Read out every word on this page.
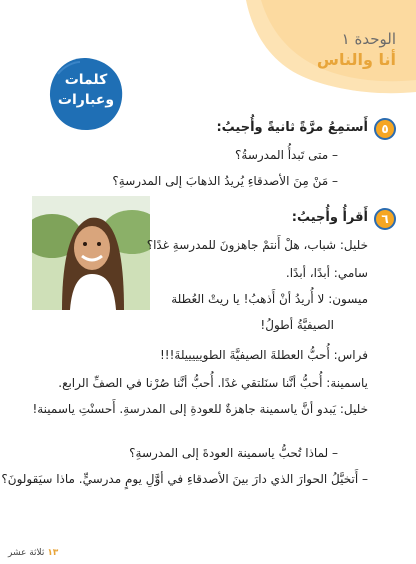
الوحدة ١
أنا والناس
كلمات
وعبارات
٥
أَستمِعُ مرَّةً ثانيةً وأُجيبُ:
– متى تَبدأُ المدرسةُ؟
– مَنْ مِنَ الأصدقاءِ يُريدُ الذهابَ إلى المدرسةِ؟
٦
أَقرأُ وأُجيبُ:
خليل: شباب، هلْ أَنتمْ جاهزونَ للمدرسةِ غدًا؟
سامي: أبدًا، أبدًا.
ميسون: لا أُريدُ أنْ أَذهبُ! يا ريتْ العُطلة
الصيفيَّةُ أطولُ!
فراس: أُحبُّ العطلةَ الصيفيَّةَ الطويييييلةَ!!!
ياسمينة: أُحبُّ أنَّنا سنَلتقي غدًا. أُحبُّ أنَّنا صُرْنا في الصفِّ الرابع.
خليل: يَبدو أنَّ ياسمينة جاهزةٌ للعودةِ إلى المدرسةِ. أَحسنْتِ ياسمينة!
– لماذا تُحبُّ ياسمينة العودةَ إلى المدرسةِ؟
– أَتخيَّلُ الحوارَ الذي دارَ بينَ الأصدقاءِ في أوَّلِ يومٍ مدرسيٍّ. ماذا سيَقولونَ؟
١٣ ثلاثة عشر
